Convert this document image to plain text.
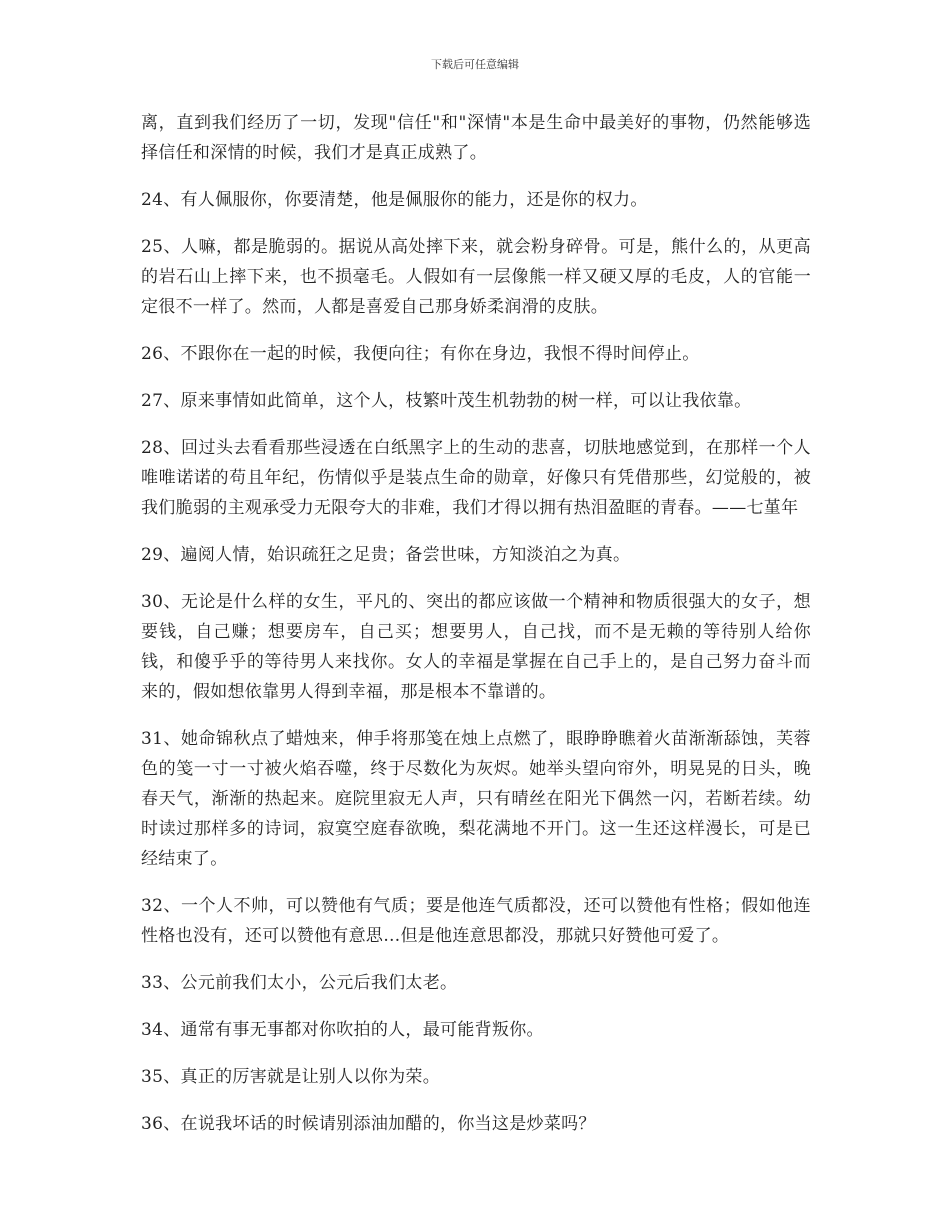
下载后可任意编辑

离，直到我们经历了一切，发现"信任"和"深情"本是生命中最美好的事物，仍然能够选择信任和深情的时候，我们才是真正成熟了。

24、有人佩服你，你要清楚，他是佩服你的能力，还是你的权力。

25、人嘛，都是脆弱的。据说从高处摔下来，就会粉身碎骨。可是，熊什么的，从更高的岩石山上摔下来，也不损毫毛。人假如有一层像熊一样又硬又厚的毛皮，人的官能一定很不一样了。然而，人都是喜爱自己那身娇柔润滑的皮肤。

26、不跟你在一起的时候，我便向往；有你在身边，我恨不得时间停止。

27、原来事情如此简单，这个人，枝繁叶茂生机勃勃的树一样，可以让我依靠。

28、回过头去看看那些浸透在白纸黑字上的生动的悲喜，切肤地感觉到，在那样一个人唯唯诺诺的苟且年纪，伤情似乎是装点生命的勋章，好像只有凭借那些，幻觉般的，被我们脆弱的主观承受力无限夸大的非难，我们才得以拥有热泪盈眶的青春。——七堇年

29、遍阅人情，始识疏狂之足贵；备尝世味，方知淡泊之为真。

30、无论是什么样的女生，平凡的、突出的都应该做一个精神和物质很强大的女子，想要钱，自己赚；想要房车，自己买；想要男人，自己找，而不是无赖的等待别人给你钱，和傻乎乎的等待男人来找你。女人的幸福是掌握在自己手上的，是自己努力奋斗而来的，假如想依靠男人得到幸福，那是根本不靠谱的。

31、她命锦秋点了蜡烛来，伸手将那笺在烛上点燃了，眼睁睁瞧着火苗渐渐舔蚀，芙蓉色的笺一寸一寸被火焰吞噬，终于尽数化为灰烬。她举头望向帘外，明晃晃的日头，晚春天气，渐渐的热起来。庭院里寂无人声，只有晴丝在阳光下偶然一闪，若断若续。幼时读过那样多的诗词，寂寞空庭春欲晚，梨花满地不开门。这一生还这样漫长，可是已经结束了。

32、一个人不帅，可以赞他有气质；要是他连气质都没，还可以赞他有性格；假如他连性格也没有，还可以赞他有意思…但是他连意思都没，那就只好赞他可爱了。

33、公元前我们太小，公元后我们太老。

34、通常有事无事都对你吹拍的人，最可能背叛你。

35、真正的厉害就是让别人以你为荣。

36、在说我坏话的时候请别添油加醋的，你当这是炒菜吗？
